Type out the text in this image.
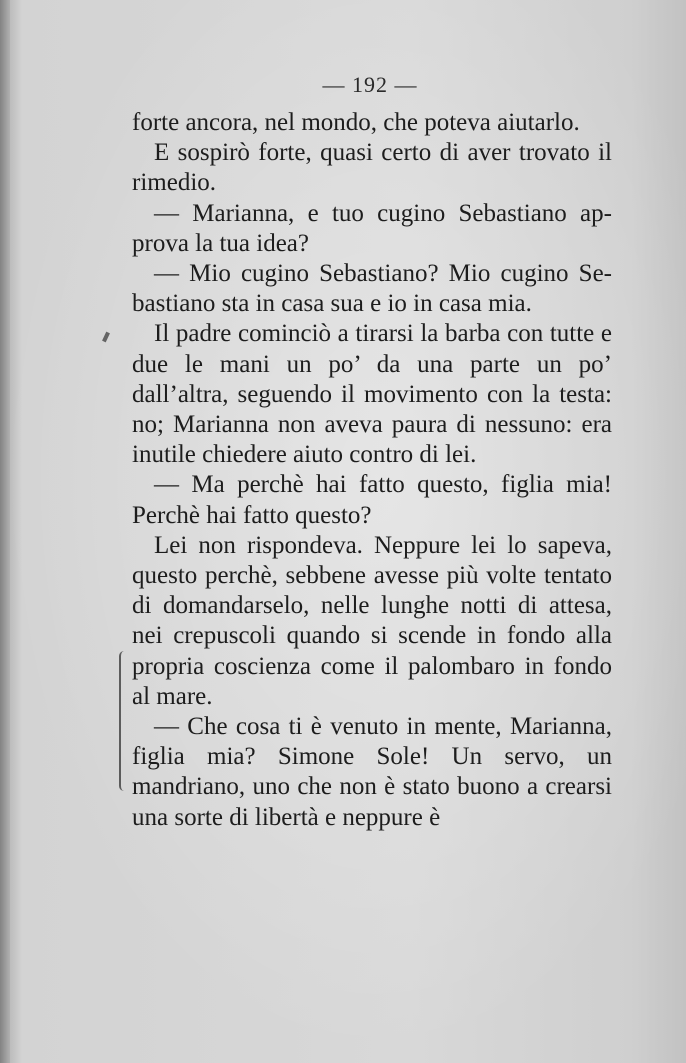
— 192 —

forte ancora, nel mondo, che poteva aiutarlo.

E sospirò forte, quasi certo di aver trovato il rimedio.

— Marianna, e tuo cugino Sebastiano approva la tua idea?

— Mio cugino Sebastiano? Mio cugino Sebastiano sta in casa sua e io in casa mia.

Il padre cominciò a tirarsi la barba con tutte e due le mani un po’ da una parte un po’ dall’altra, seguendo il movimento con la testa: no; Marianna non aveva paura di nessuno: era inutile chiedere aiuto contro di lei.

— Ma perchè hai fatto questo, figlia mia! Perchè hai fatto questo?

Lei non rispondeva. Neppure lei lo sapeva, questo perchè, sebbene avesse più volte tentato di domandarselo, nelle lunghe notti di attesa, nei crepuscoli quando si scende in fondo alla propria coscienza come il palombaro in fondo al mare.

— Che cosa ti è venuto in mente, Marianna, figlia mia? Simone Sole! Un servo, un mandriano, uno che non è stato buono a crearsi una sorte di libertà e neppure è
